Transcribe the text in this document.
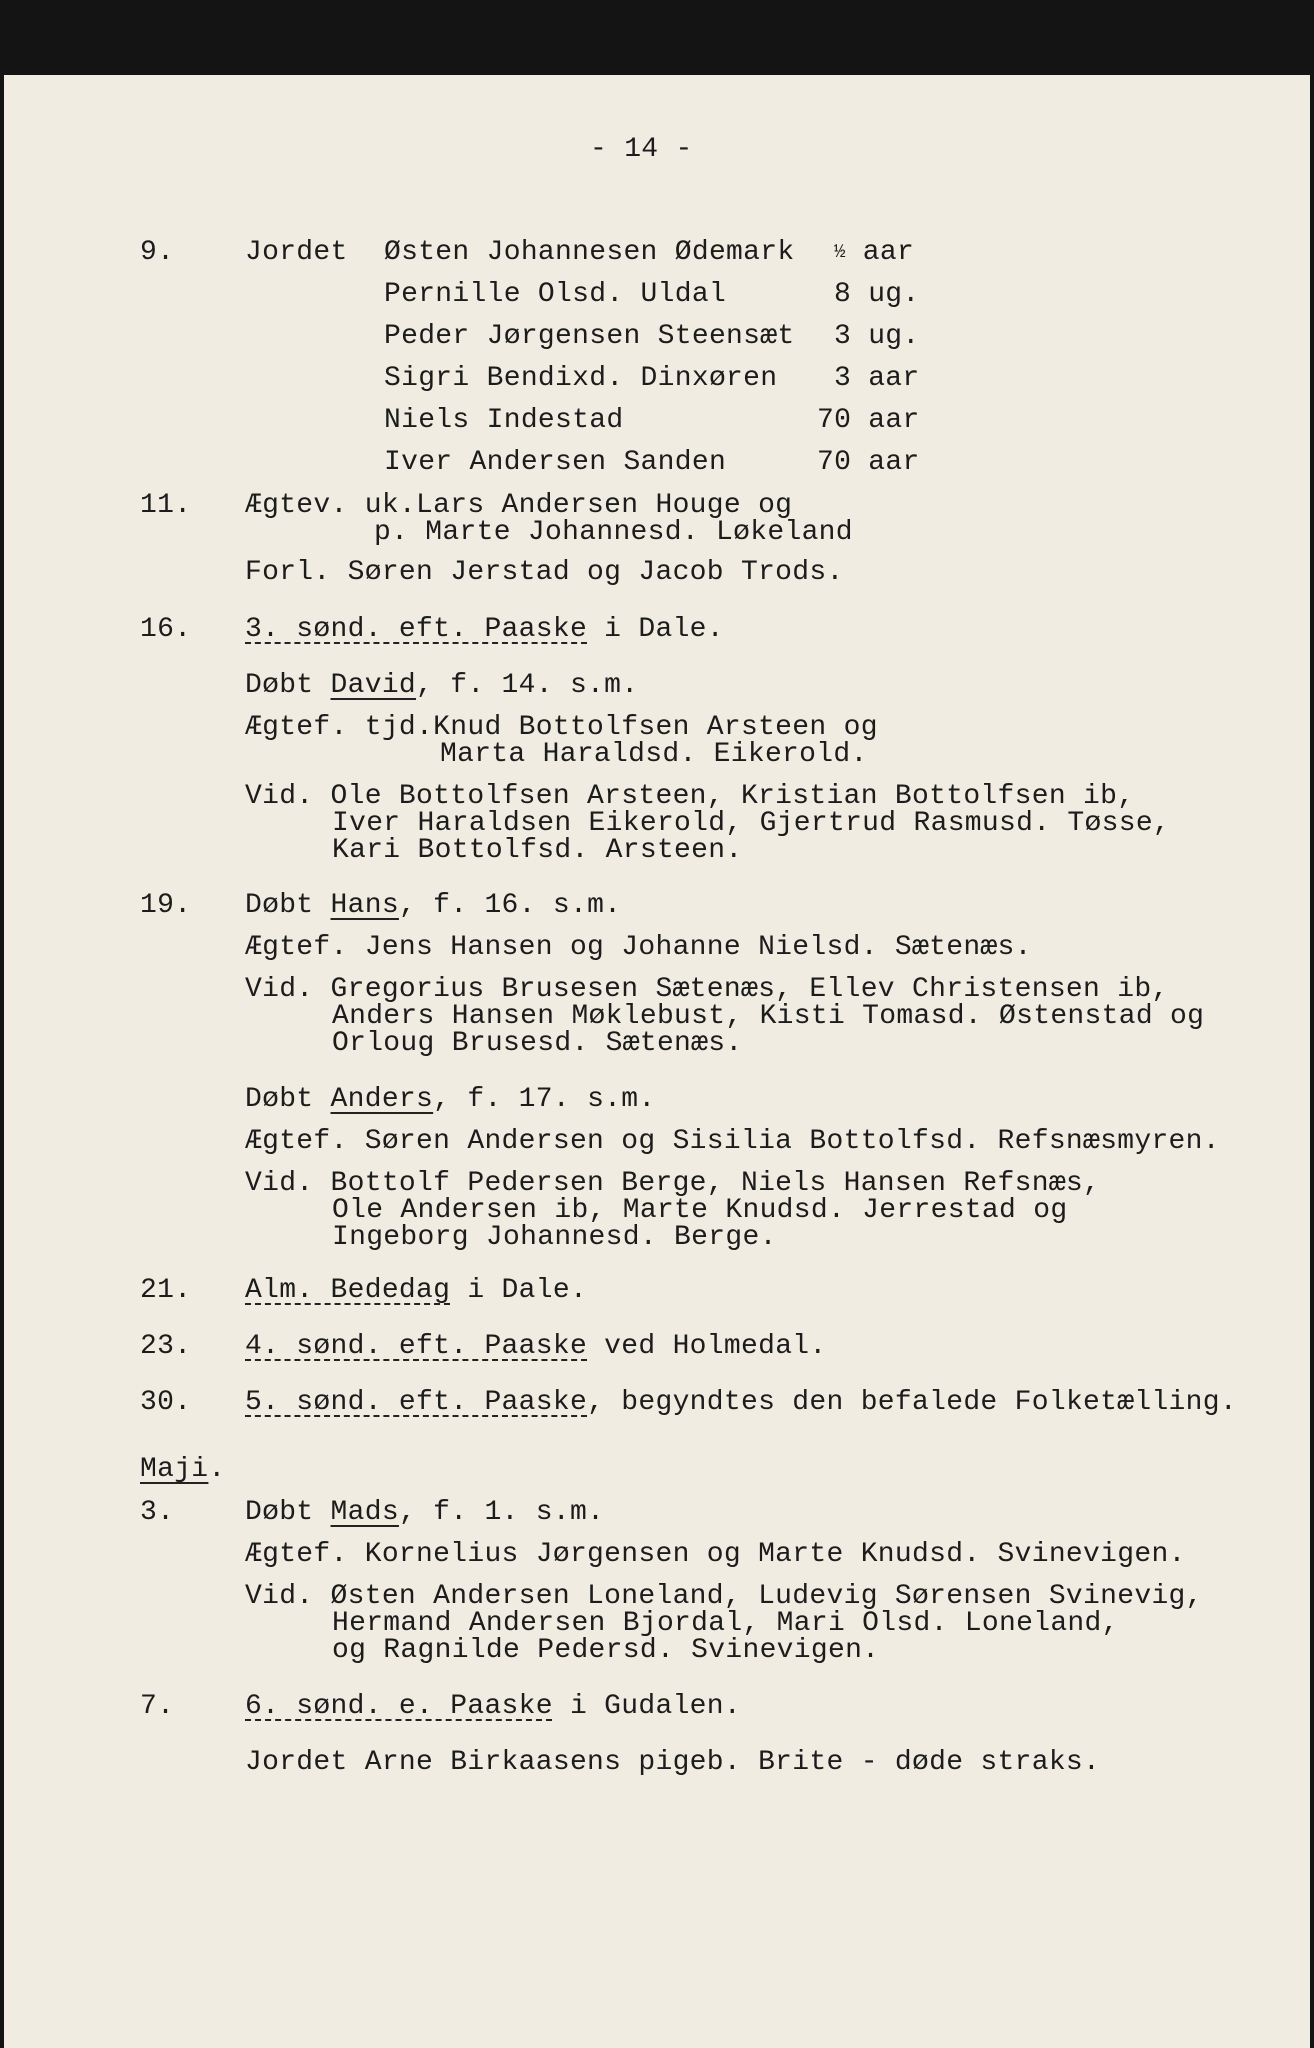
- 14 -
9.	Jordet Østen Johannesen Ødemark ½ aar
Pernille Olsd. Uldal	8 ug.
Peder Jørgensen Steensæt 3 ug.
Sigri Bendixd. Dinxøren 3 aar
Niels Indestad	70 aar
Iver Andersen Sanden	70 aar
11. Ægtev. uk.Lars Andersen Houge og
p. Marte Johannesd. Løkeland
Forl. Søren Jerstad og Jacob Trods.
16. 3. sønd. eft. Paaske i Dale.
Døbt David, f. 14. s.m.
Ægtef. tjd.Knud Bottolfsen Arsteen og
Marta Haraldsd. Eikerold.
Vid. Ole Bottolfsen Arsteen, Kristian Bottolfsen ib,
Iver Haraldsen Eikerold, Gjertrud Rasmusd. Tøsse,
Kari Bottolfsd. Arsteen.
19. Døbt Hans, f. 16. s.m.
Ægtef. Jens Hansen og Johanne Nielsd. Sætenæs.
Vid. Gregorius Brusesen Sætenæs, Ellev Christensen ib,
Anders Hansen Møklebust, Kisti Tomasd. Østenstad og
Orloug Brusesd. Sætenæs.
Døbt Anders, f. 17. s.m.
Ægtef. Søren Andersen og Sisilia Bottolfsd. Refsnæsmyren.
Vid. Bottolf Pedersen Berge, Niels Hansen Refsnæs,
Ole Andersen ib, Marte Knudsd. Jerrestad og
Ingeborg Johannesd. Berge.
21. Alm. Bededag i Dale.
23. 4. sønd. eft. Paaske ved Holmedal.
30. 5. sønd. eft. Paaske, begyndtes den befalede Folketælling.
Maji.
3.	Døbt Mads, f. 1. s.m.
Ægtef. Kornelius Jørgensen og Marte Knudsd. Svinevigen.
Vid. Østen Andersen Loneland, Ludevig Sørensen Svinevig,
Hermand Andersen Bjordal, Mari Olsd. Loneland,
og Ragnilde Pedersd. Svinevigen.
7.	6. sønd. e. Paaske i Gudalen.
Jordet Arne Birkaasens pigeb. Brite - døde straks.
